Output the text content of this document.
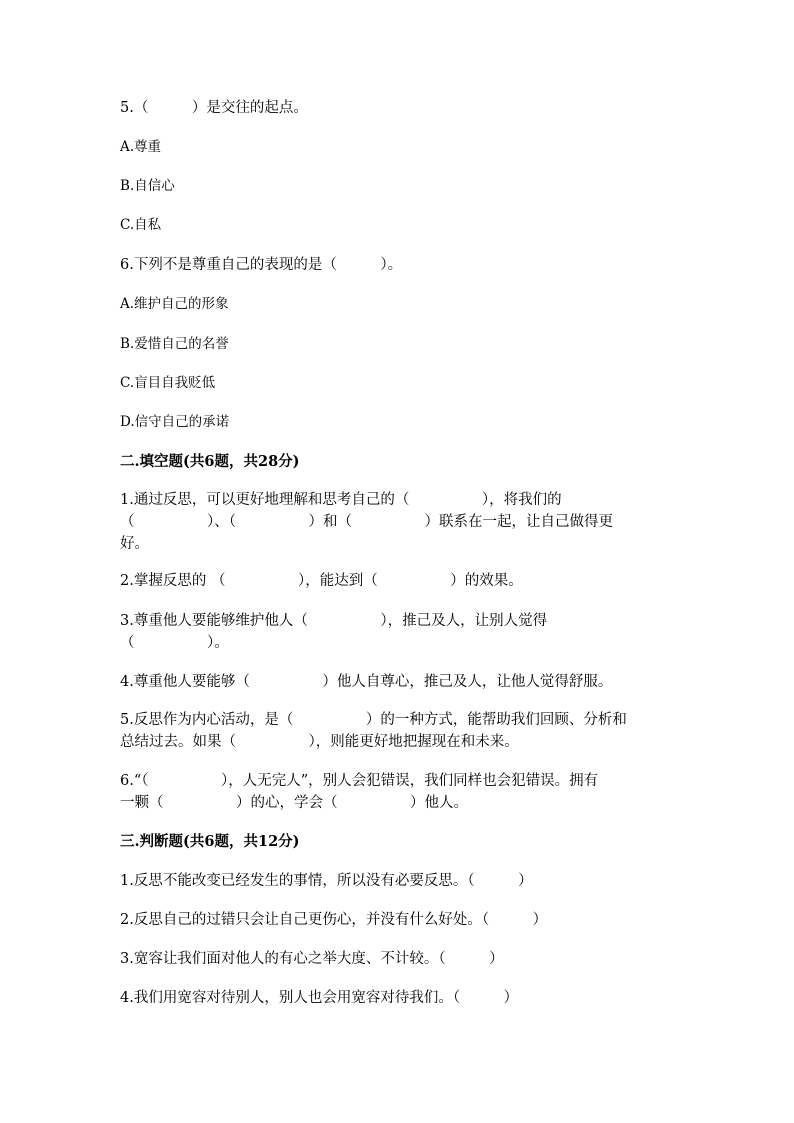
5.（　　　）是交往的起点。
A.尊重
B.自信心
C.自私
6.下列不是尊重自己的表现的是（　　　）。
A.维护自己的形象
B.爱惜自己的名誉
C.盲目自我贬低
D.信守自己的承诺
二.填空题(共6题，共28分)
1.通过反思，可以更好地理解和思考自己的（　　　　　），将我们的
（　　　　　）、（　　　　　）和（　　　　　）联系在一起，让自己做得更
好。
2.掌握反思的 （　　　　　），能达到（　　　　　）的效果。
3.尊重他人要能够维护他人（　　　　　），推己及人，让别人觉得
（　　　　　）。
4.尊重他人要能够（　　　　　）他人自尊心，推己及人，让他人觉得舒服。
5.反思作为内心活动，是（　　　　　）的一种方式，能帮助我们回顾、分析和
总结过去。如果（　　　　　），则能更好地把握现在和未来。
6.“（　　　　　），人无完人”，别人会犯错误，我们同样也会犯错误。拥有
一颗（　　　　　）的心，学会（　　　　　）他人。
三.判断题(共6题，共12分)
1.反思不能改变已经发生的事情，所以没有必要反思。（　　　）
2.反思自己的过错只会让自己更伤心，并没有什么好处。（　　　）
3.宽容让我们面对他人的有心之举大度、不计较。（　　　）
4.我们用宽容对待别人，别人也会用宽容对待我们。（　　　）
